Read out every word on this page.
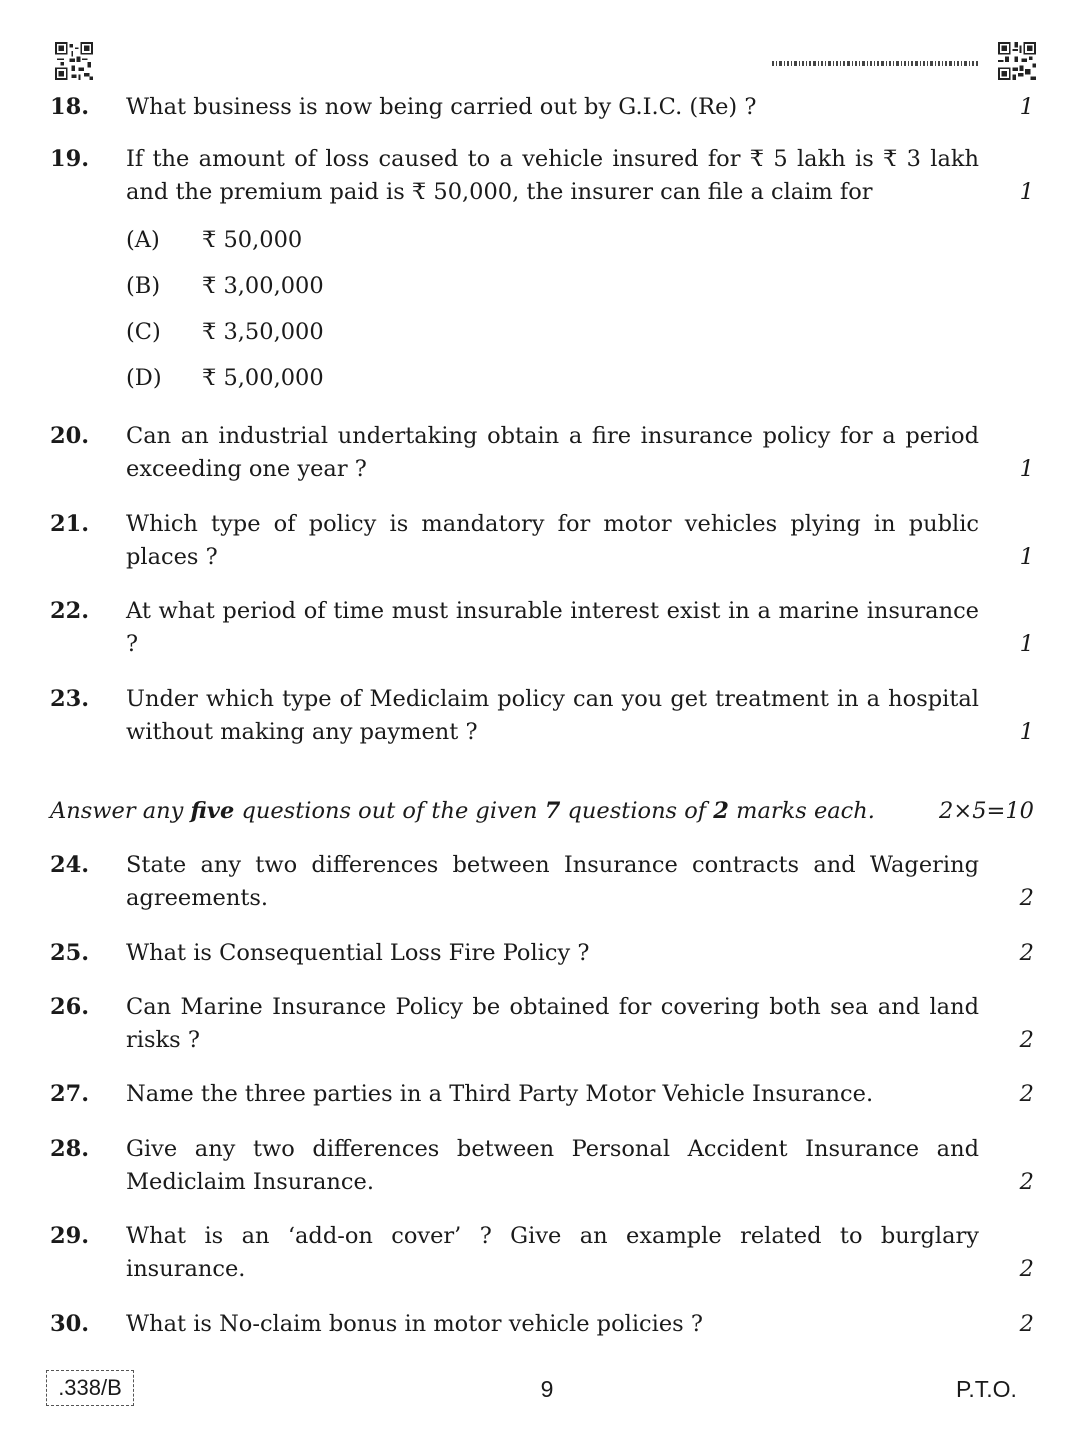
18. What business is now being carried out by G.I.C. (Re) ?	1
19. If the amount of loss caused to a vehicle insured for ₹ 5 lakh is ₹ 3 lakh and the premium paid is ₹ 50,000, the insurer can file a claim for	1
(A) ₹ 50,000
(B) ₹ 3,00,000
(C) ₹ 3,50,000
(D) ₹ 5,00,000
20. Can an industrial undertaking obtain a fire insurance policy for a period exceeding one year ?	1
21. Which type of policy is mandatory for motor vehicles plying in public places ?	1
22. At what period of time must insurable interest exist in a marine insurance ?	1
23. Under which type of Mediclaim policy can you get treatment in a hospital without making any payment ?	1
Answer any five questions out of the given 7 questions of 2 marks each.	2×5=10
24. State any two differences between Insurance contracts and Wagering agreements.	2
25. What is Consequential Loss Fire Policy ?	2
26. Can Marine Insurance Policy be obtained for covering both sea and land risks ?	2
27. Name the three parties in a Third Party Motor Vehicle Insurance.	2
28. Give any two differences between Personal Accident Insurance and Mediclaim Insurance.	2
29. What is an ‘add-on cover’ ? Give an example related to burglary insurance.	2
30. What is No-claim bonus in motor vehicle policies ?	2
.338/B	9	P.T.O.
